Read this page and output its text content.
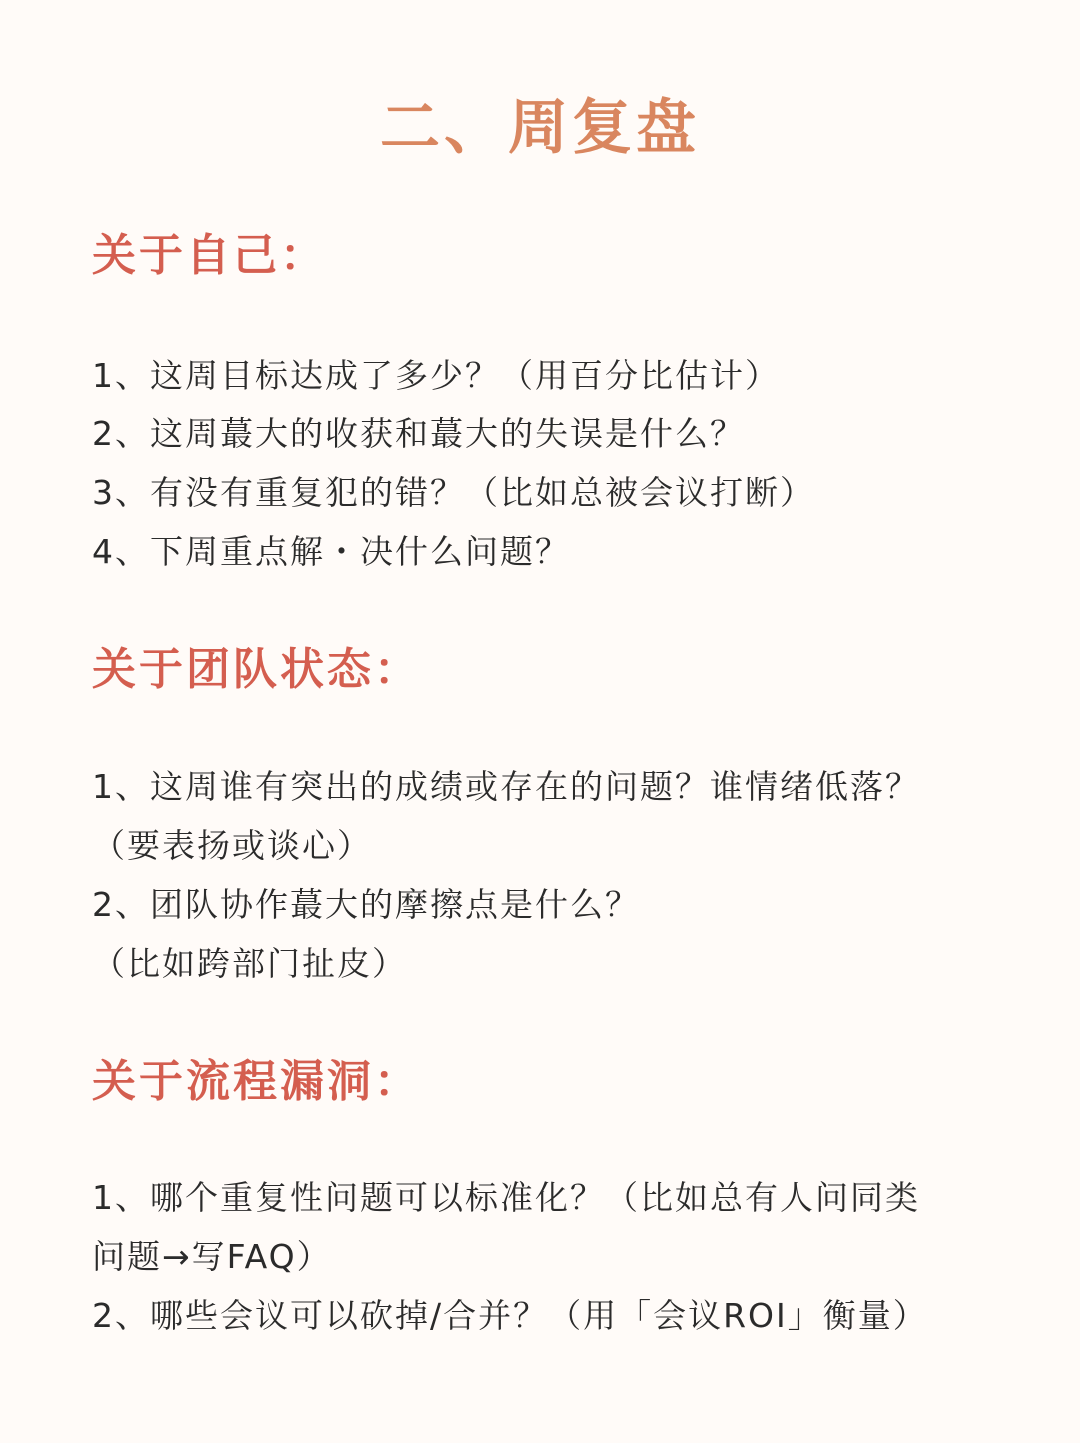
二、周复盘
关于自己：
1、这周目标达成了多少？（用百分比估计）
2、这周蕞大的收获和蕞大的失误是什么？
3、有没有重复犯的错？（比如总被会议打断）
4、下周重点解・决什么问题？
关于团队状态：
1、这周谁有突出的成绩或存在的问题？谁情绪低落？
（要表扬或谈心）
2、团队协作蕞大的摩擦点是什么？
（比如跨部门扯皮）
关于流程漏洞：
1、哪个重复性问题可以标准化？（比如总有人问同类
问题→写FAQ）
2、哪些会议可以砍掉/合并？（用「会议ROI」衡量）
